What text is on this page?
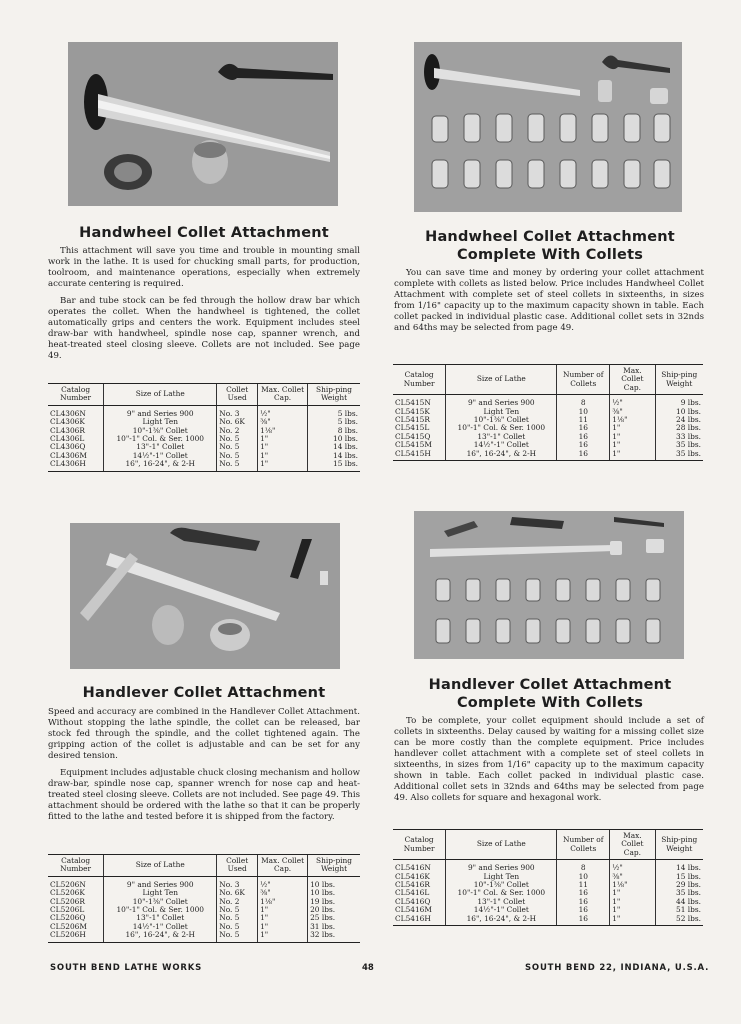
Handwheel Collet Attachment

This attachment will save you time and trouble in mounting small work in the lathe. It is used for chucking small parts, for production, toolroom, and maintenance operations, especially when extremely accurate centering is required.

Bar and tube stock can be fed through the hollow draw bar which operates the collet. When the handwheel is tightened, the collet automatically grips and centers the work. Equipment includes steel draw-bar with handwheel, spindle nose cap, spanner wrench, and heat-treated steel closing sleeve. Collets are not included. See page 49.

Catalog Number	Size of Lathe	Collet Used	Max. Collet Cap.	Ship-ping Weight
CL4306N	9" and Series 900	No. 3	½"	5 lbs.
CL4306K	Light Ten	No. 6K	⅜"	5 lbs.
CL4306R	10"-1⅜" Collet	No. 2	1⅛"	8 lbs.
CL4306L	10"-1" Col. & Ser. 1000	No. 5	1"	10 lbs.
CL4306Q	13"-1" Collet	No. 5	1"	14 lbs.
CL4306M	14½"-1" Collet	No. 5	1"	14 lbs.
CL4306H	16", 16-24", & 2-H	No. 5	1"	15 lbs.
Handwheel Collet Attachment
Complete With Collets

You can save time and money by ordering your collet attachment complete with collets as listed below. Price includes Handwheel Collet Attachment with complete set of steel collets in sixteenths, in sizes from 1/16" capacity up to the maximum capacity shown in table. Each collet packed in individual plastic case. Additional collet sets in 32nds and 64ths may be selected from page 49.

Catalog Number	Size of Lathe	Number of Collets	Max. Collet Cap.	Ship-ping Weight
CL5415N	9" and Series 900	8	½"	9 lbs.
CL5415K	Light Ten	10	⅜"	10 lbs.
CL5415R	10"-1⅜" Collet	11	1⅛"	24 lbs.
CL5415L	10"-1" Col. & Ser. 1000	16	1"	28 lbs.
CL5415Q	13"-1" Collet	16	1"	33 lbs.
CL5415M	14½"-1" Collet	16	1"	35 lbs.
CL5415H	16", 16-24", & 2-H	16	1"	35 lbs.
Handlever Collet Attachment

Speed and accuracy are combined in the Handlever Collet Attachment. Without stopping the lathe spindle, the collet can be released, bar stock fed through the spindle, and the collet tightened again. The gripping action of the collet is adjustable and can be set for any desired tension.

Equipment includes adjustable chuck closing mechanism and hollow draw-bar, spindle nose cap, spanner wrench for nose cap and heat-treated steel closing sleeve. Collets are not included. See page 49. This attachment should be ordered with the lathe so that it can be properly fitted to the lathe and tested before it is shipped from the factory.

Catalog Number	Size of Lathe	Collet Used	Max. Collet Cap.	Ship-ping Weight
CL5206N	9" and Series 900	No. 3	½"	10 lbs.
CL5206K	Light Ten	No. 6K	⅜"	10 lbs.
CL5206R	10"-1⅜" Collet	No. 2	1⅛"	19 lbs.
CL5206L	10"-1" Col. & Ser. 1000	No. 5	1"	20 lbs.
CL5206Q	13"-1" Collet	No. 5	1"	25 lbs.
CL5206M	14½"-1" Collet	No. 5	1"	31 lbs.
CL5206H	16", 16-24", & 2-H	No. 5	1"	32 lbs.
Handlever Collet Attachment
Complete With Collets

To be complete, your collet equipment should include a set of collets in sixteenths. Delay caused by waiting for a missing collet size can be more costly than the complete equipment. Price includes handlever collet attachment with a complete set of steel collets in sixteenths, in sizes from 1/16" capacity up to the maximum capacity shown in table. Each collet packed in individual plastic case. Additional collet sets in 32nds and 64ths may be selected from page 49. Also collets for square and hexagonal work.

Catalog Number	Size of Lathe	Number of Collets	Max. Collet Cap.	Ship-ping Weight
CL5416N	9" and Series 900	8	½"	14 lbs.
CL5416K	Light Ten	10	⅜"	15 lbs.
CL5416R	10"-1⅜" Collet	11	1⅛"	29 lbs.
CL5416L	10"-1" Col. & Ser. 1000	16	1"	35 lbs.
CL5416Q	13"-1" Collet	16	1"	44 lbs.
CL5416M	14½"-1" Collet	16	1"	51 lbs.
CL5416H	16", 16-24", & 2-H	16	1"	52 lbs.
SOUTH BEND LATHE WORKS	48	SOUTH BEND 22, INDIANA, U.S.A.
